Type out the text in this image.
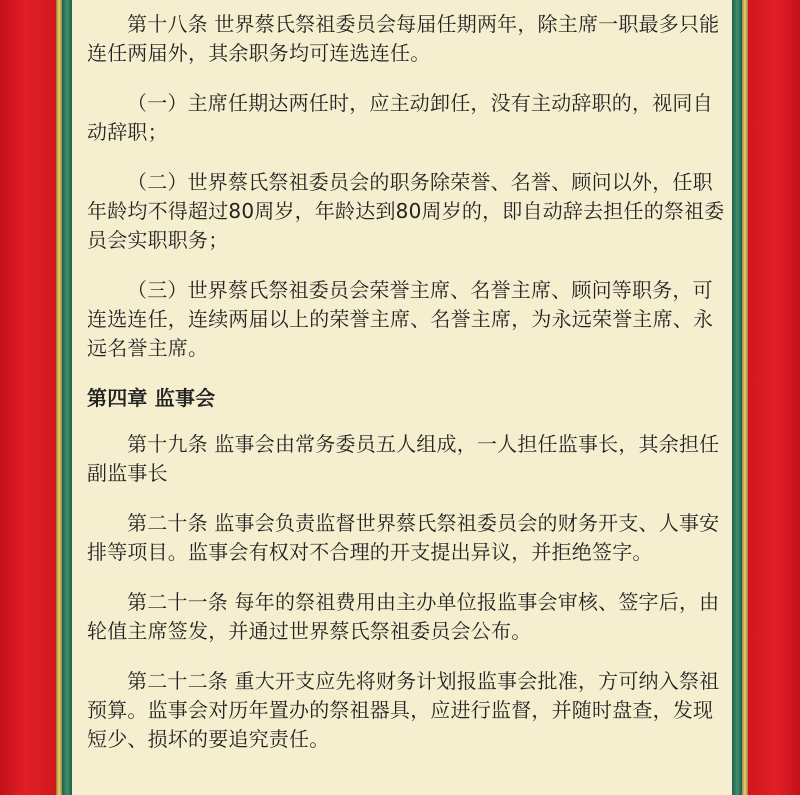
第十八条 世界蔡氏祭祖委员会每届任期两年，除主席一职最多只能连任两届外，其余职务均可连选连任。

（一）主席任期达两任时，应主动卸任，没有主动辞职的，视同自动辞职；

（二）世界蔡氏祭祖委员会的职务除荣誉、名誉、顾问以外，任职年龄均不得超过80周岁，年龄达到80周岁的，即自动辞去担任的祭祖委员会实职职务；

（三）世界蔡氏祭祖委员会荣誉主席、名誉主席、顾问等职务，可连选连任，连续两届以上的荣誉主席、名誉主席，为永远荣誉主席、永远名誉主席。

第四章 监事会

第十九条 监事会由常务委员五人组成，一人担任监事长，其余担任副监事长

第二十条 监事会负责监督世界蔡氏祭祖委员会的财务开支、人事安排等项目。监事会有权对不合理的开支提出异议，并拒绝签字。

第二十一条 每年的祭祖费用由主办单位报监事会审核、签字后，由轮值主席签发，并通过世界蔡氏祭祖委员会公布。

第二十二条 重大开支应先将财务计划报监事会批准，方可纳入祭祖预算。监事会对历年置办的祭祖器具，应进行监督，并随时盘查，发现短少、损坏的要追究责任。
